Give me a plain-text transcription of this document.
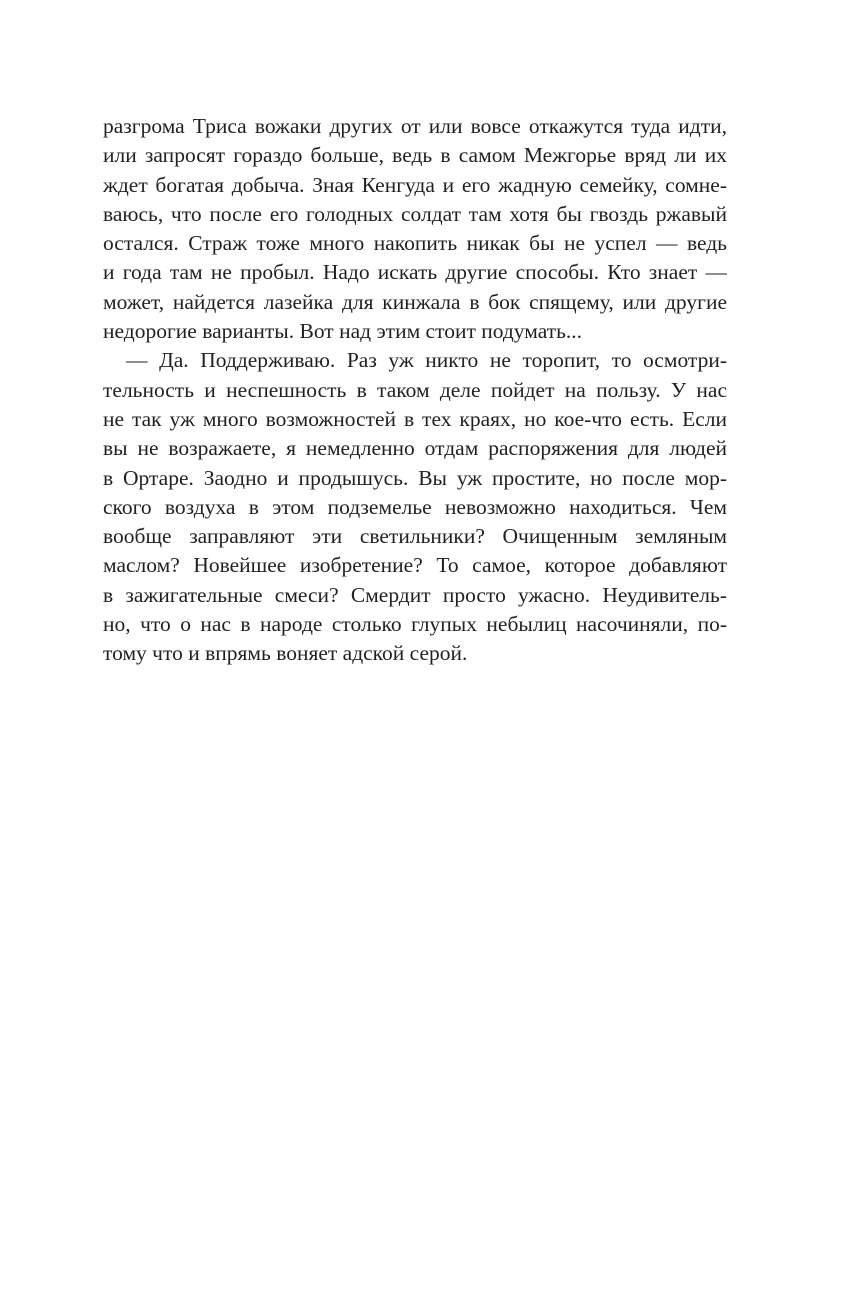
разгрома Триса вожаки других от или вовсе откажутся туда идти,
или запросят гораздо больше, ведь в самом Межгорье вряд ли их
ждет богатая добыча. Зная Кенгуда и его жадную семейку, сомне-
ваюсь, что после его голодных солдат там хотя бы гвоздь ржавый
остался. Страж тоже много накопить никак бы не успел — ведь
и года там не пробыл. Надо искать другие способы. Кто знает —
может, найдется лазейка для кинжала в бок спящему, или другие
недорогие варианты. Вот над этим стоит подумать...
— Да. Поддерживаю. Раз уж никто не торопит, то осмотри-
тельность и неспешность в таком деле пойдет на пользу. У нас
не так уж много возможностей в тех краях, но кое-что есть. Если
вы не возражаете, я немедленно отдам распоряжения для людей
в Ортаре. Заодно и продышусь. Вы уж простите, но после мор-
ского воздуха в этом подземелье невозможно находиться. Чем
вообще заправляют эти светильники? Очищенным земляным
маслом? Новейшее изобретение? То самое, которое добавляют
в зажигательные смеси? Смердит просто ужасно. Неудивитель-
но, что о нас в народе столько глупых небылиц насочиняли, по-
тому что и впрямь воняет адской серой.
